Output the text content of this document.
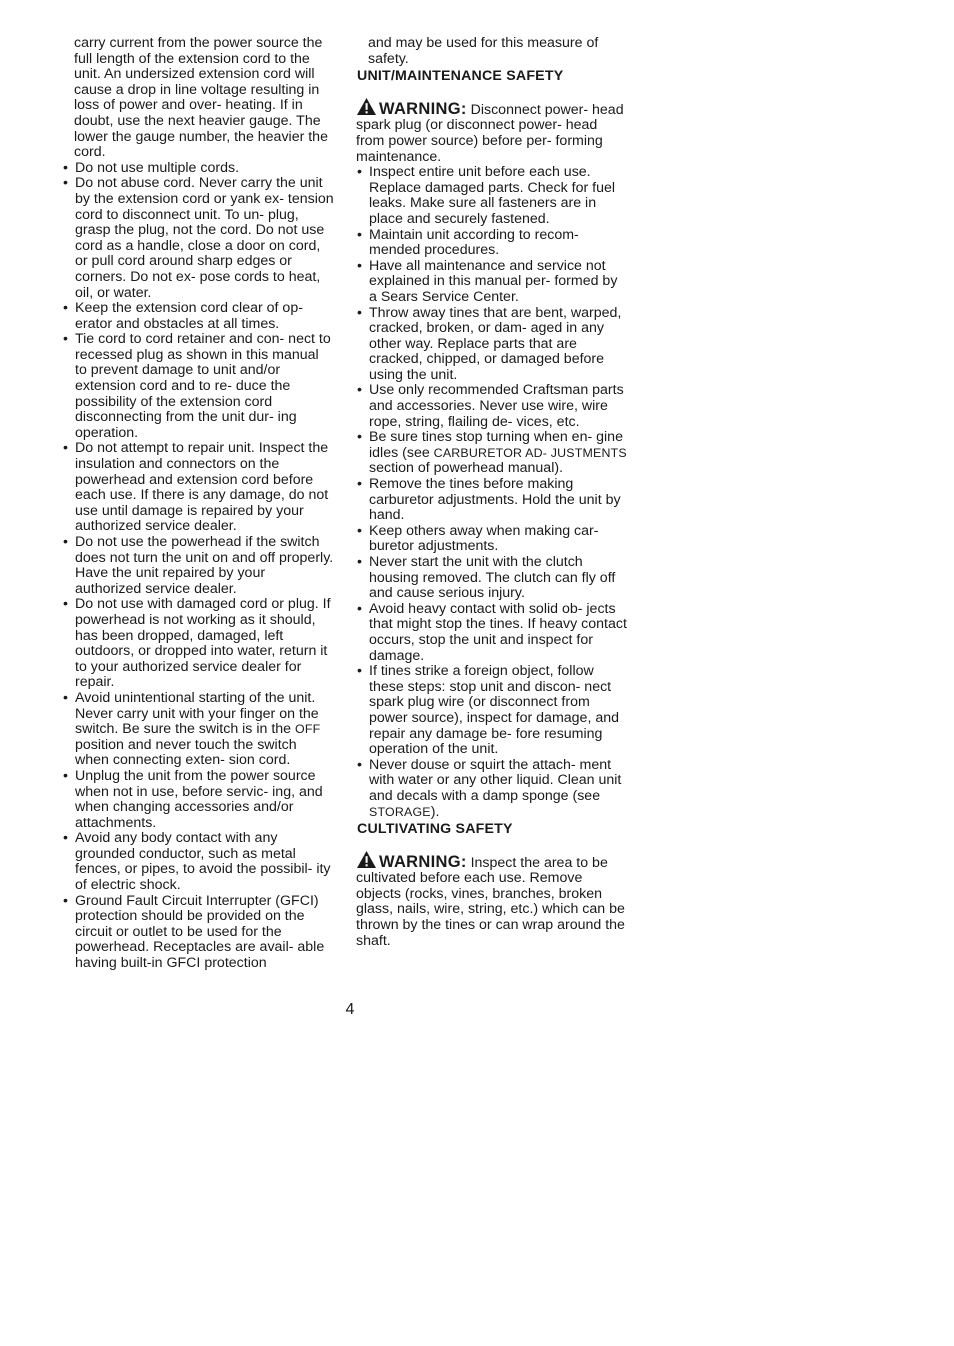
carry current from the power source the full length of the extension cord to the unit. An undersized extension cord will cause a drop in line voltage resulting in loss of power and over- heating. If in doubt, use the next heavier gauge. The lower the gauge number, the heavier the cord.

• Do not use multiple cords.
• Do not abuse cord. Never carry the unit by the extension cord or yank ex- tension cord to disconnect unit. To un- plug, grasp the plug, not the cord. Do not use cord as a handle, close a door on cord, or pull cord around sharp edges or corners. Do not ex- pose cords to heat, oil, or water.
• Keep the extension cord clear of op- erator and obstacles at all times.
• Tie cord to cord retainer and con- nect to recessed plug as shown in this manual to prevent damage to unit and/or extension cord and to re- duce the possibility of the extension cord disconnecting from the unit dur- ing operation.
• Do not attempt to repair unit. Inspect the insulation and connectors on the powerhead and extension cord before each use. If there is any damage, do not use until damage is repaired by your authorized service dealer.
• Do not use the powerhead if the switch does not turn the unit on and off properly. Have the unit repaired by your authorized service dealer.
• Do not use with damaged cord or plug. If powerhead is not working as it should, has been dropped, damaged, left outdoors, or dropped into water, return it to your authorized service dealer for repair.
• Avoid unintentional starting of the unit. Never carry unit with your finger on the switch. Be sure the switch is in the OFF position and never touch the switch when connecting exten- sion cord.
• Unplug the unit from the power source when not in use, before servic- ing, and when changing accessories and/or attachments.
• Avoid any body contact with any grounded conductor, such as metal fences, or pipes, to avoid the possibil- ity of electric shock.
• Ground Fault Circuit Interrupter (GFCI) protection should be provided on the circuit or outlet to be used for the powerhead. Receptacles are avail- able having built-in GFCI protection

and may be used for this measure of safety.

UNIT/MAINTENANCE SAFETY
WARNING: Disconnect power- head spark plug (or disconnect power- head from power source) before per- forming maintenance.
• Inspect entire unit before each use. Replace damaged parts. Check for fuel leaks. Make sure all fasteners are in place and securely fastened.
• Maintain unit according to recom- mended procedures.
• Have all maintenance and service not explained in this manual per- formed by a Sears Service Center.
• Throw away tines that are bent, warped, cracked, broken, or dam- aged in any other way. Replace parts that are cracked, chipped, or damaged before using the unit.
• Use only recommended Craftsman parts and accessories. Never use wire, wire rope, string, flailing de- vices, etc.
• Be sure tines stop turning when en- gine idles (see CARBURETOR AD- JUSTMENTS section of powerhead manual).
• Remove the tines before making carburetor adjustments. Hold the unit by hand.
• Keep others away when making car- buretor adjustments.
• Never start the unit with the clutch housing removed. The clutch can fly off and cause serious injury.
• Avoid heavy contact with solid ob- jects that might stop the tines. If heavy contact occurs, stop the unit and inspect for damage.
• If tines strike a foreign object, follow these steps: stop unit and discon- nect spark plug wire (or disconnect from power source), inspect for damage, and repair any damage be- fore resuming operation of the unit.
• Never douse or squirt the attach- ment with water or any other liquid. Clean unit and decals with a damp sponge (see STORAGE).
CULTIVATING SAFETY
WARNING: Inspect the area to be cultivated before each use. Remove objects (rocks, vines, branches, broken glass, nails, wire, string, etc.) which can be thrown by the tines or can wrap around the shaft.
4
